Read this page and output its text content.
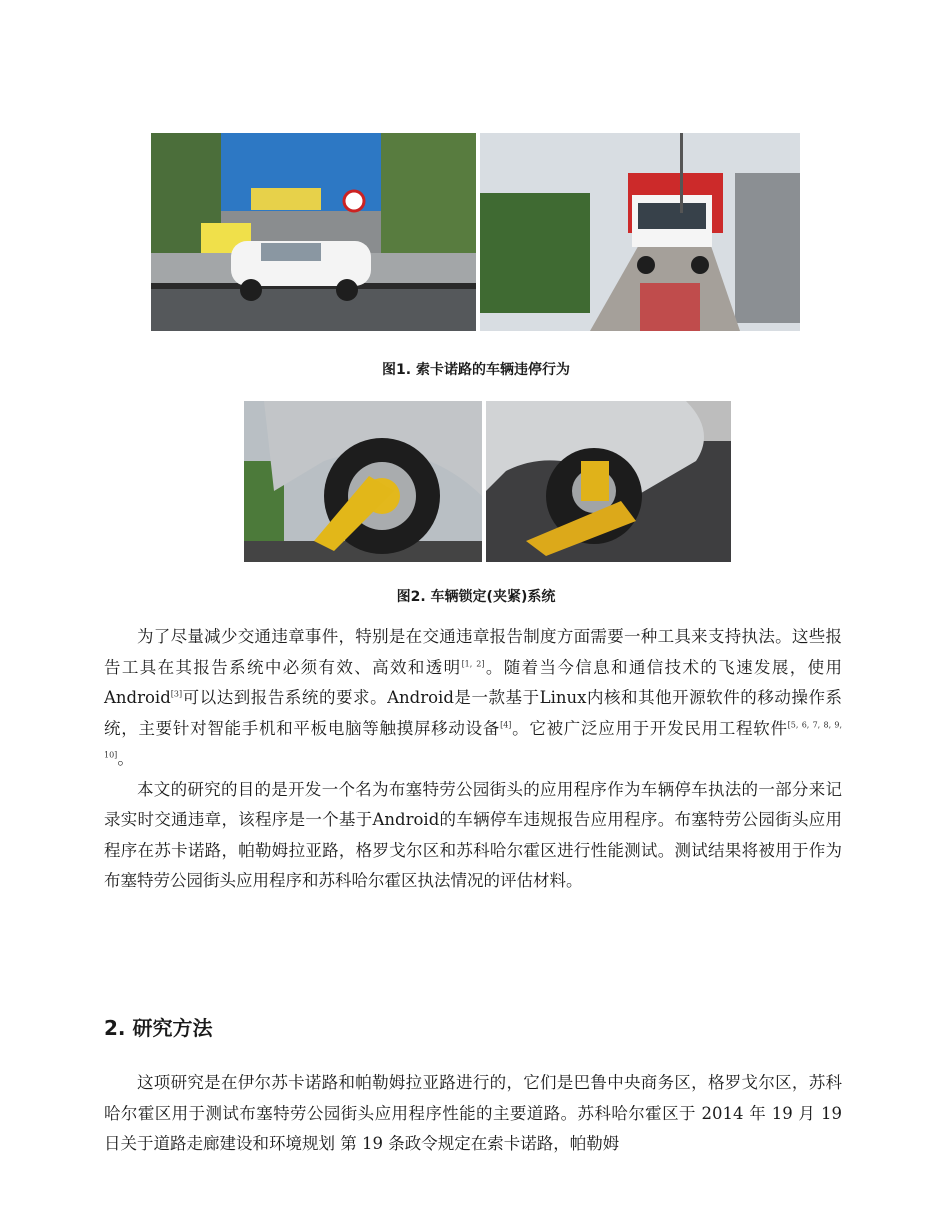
图1. 索卡诺路的车辆违停行为
图2. 车辆锁定(夹紧)系统

为了尽量减少交通违章事件，特别是在交通违章报告制度方面需要一种工具来支持执法。这些报告工具在其报告系统中必须有效、高效和透明[1, 2]。随着当今信息和通信技术的飞速发展，使用Android[3]可以达到报告系统的要求。Android是一款基于Linux内核和其他开源软件的移动操作系统，主要针对智能手机和平板电脑等触摸屏移动设备[4]。它被广泛应用于开发民用工程软件[5, 6, 7, 8, 9, 10]。

本文的研究的目的是开发一个名为布塞特劳公园街头的应用程序作为车辆停车执法的一部分来记录实时交通违章，该程序是一个基于Android的车辆停车违规报告应用程序。布塞特劳公园街头应用程序在苏卡诺路，帕勒姆拉亚路，格罗戈尔区和苏科哈尔霍区进行性能测试。测试结果将被用于作为布塞特劳公园街头应用程序和苏科哈尔霍区执法情况的评估材料。

2. 研究方法

这项研究是在伊尔苏卡诺路和帕勒姆拉亚路进行的，它们是巴鲁中央商务区，格罗戈尔区，苏科哈尔霍区用于测试布塞特劳公园街头应用程序性能的主要道路。苏科哈尔霍区于 2014 年 19 月 19 日关于道路走廊建设和环境规划 第 19 条政令规定在索卡诺路，帕勒姆
